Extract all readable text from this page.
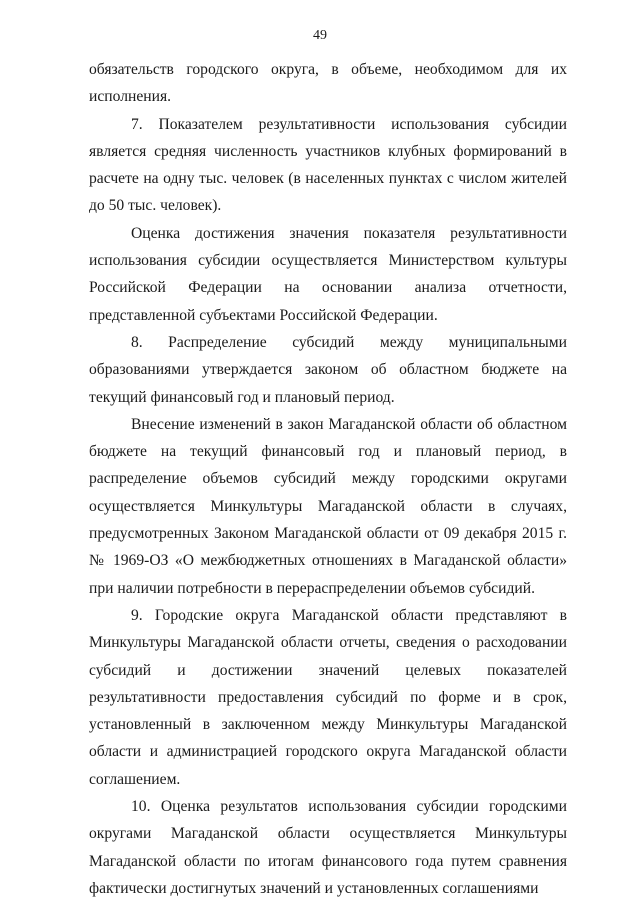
49

обязательств городского округа, в объеме, необходимом для их исполнения.

7. Показателем результативности использования субсидии является средняя численность участников клубных формирований в расчете на одну тыс. человек (в населенных пунктах с числом жителей до 50 тыс. человек).

Оценка достижения значения показателя результативности использования субсидии осуществляется Министерством культуры Российской Федерации на основании анализа отчетности, представленной субъектами Российской Федерации.

8. Распределение субсидий между муниципальными образованиями утверждается законом об областном бюджете на текущий финансовый год и плановый период.

Внесение изменений в закон Магаданской области об областном бюджете на текущий финансовый год и плановый период, в распределение объемов субсидий между городскими округами осуществляется Минкультуры Магаданской области в случаях, предусмотренных Законом Магаданской области от 09 декабря 2015 г. № 1969-ОЗ «О межбюджетных отношениях в Магаданской области» при наличии потребности в перераспределении объемов субсидий.

9. Городские округа Магаданской области представляют в Минкультуры Магаданской области отчеты, сведения о расходовании субсидий и достижении значений целевых показателей результативности предоставления субсидий по форме и в срок, установленный в заключенном между Минкультуры Магаданской области и администрацией городского округа Магаданской области соглашением.

10. Оценка результатов использования субсидии городскими округами Магаданской области осуществляется Минкультуры Магаданской области по итогам финансового года путем сравнения фактически достигнутых значений и установленных соглашениями
